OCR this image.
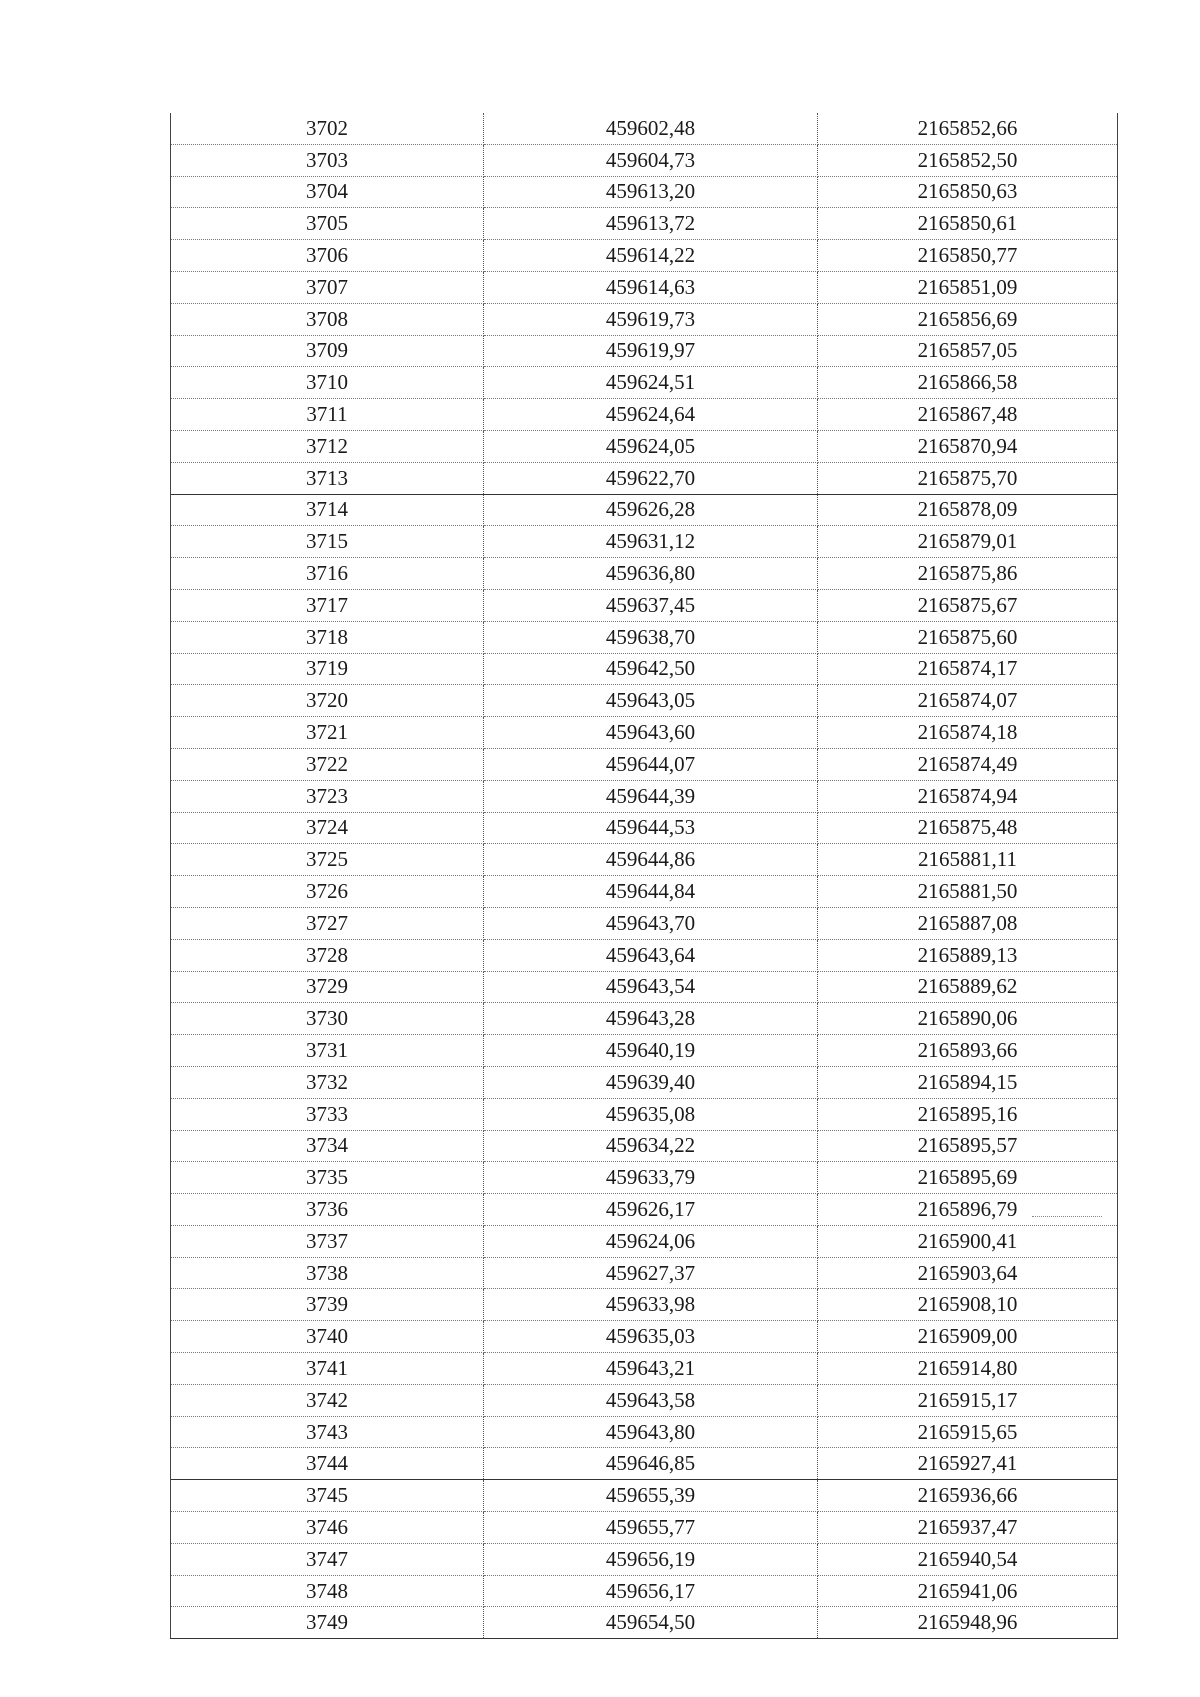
3702	459602,48	2165852,66
3703	459604,73	2165852,50
3704	459613,20	2165850,63
3705	459613,72	2165850,61
3706	459614,22	2165850,77
3707	459614,63	2165851,09
3708	459619,73	2165856,69
3709	459619,97	2165857,05
3710	459624,51	2165866,58
3711	459624,64	2165867,48
3712	459624,05	2165870,94
3713	459622,70	2165875,70
3714	459626,28	2165878,09
3715	459631,12	2165879,01
3716	459636,80	2165875,86
3717	459637,45	2165875,67
3718	459638,70	2165875,60
3719	459642,50	2165874,17
3720	459643,05	2165874,07
3721	459643,60	2165874,18
3722	459644,07	2165874,49
3723	459644,39	2165874,94
3724	459644,53	2165875,48
3725	459644,86	2165881,11
3726	459644,84	2165881,50
3727	459643,70	2165887,08
3728	459643,64	2165889,13
3729	459643,54	2165889,62
3730	459643,28	2165890,06
3731	459640,19	2165893,66
3732	459639,40	2165894,15
3733	459635,08	2165895,16
3734	459634,22	2165895,57
3735	459633,79	2165895,69
3736	459626,17	2165896,79
3737	459624,06	2165900,41
3738	459627,37	2165903,64
3739	459633,98	2165908,10
3740	459635,03	2165909,00
3741	459643,21	2165914,80
3742	459643,58	2165915,17
3743	459643,80	2165915,65
3744	459646,85	2165927,41
3745	459655,39	2165936,66
3746	459655,77	2165937,47
3747	459656,19	2165940,54
3748	459656,17	2165941,06
3749	459654,50	2165948,96
